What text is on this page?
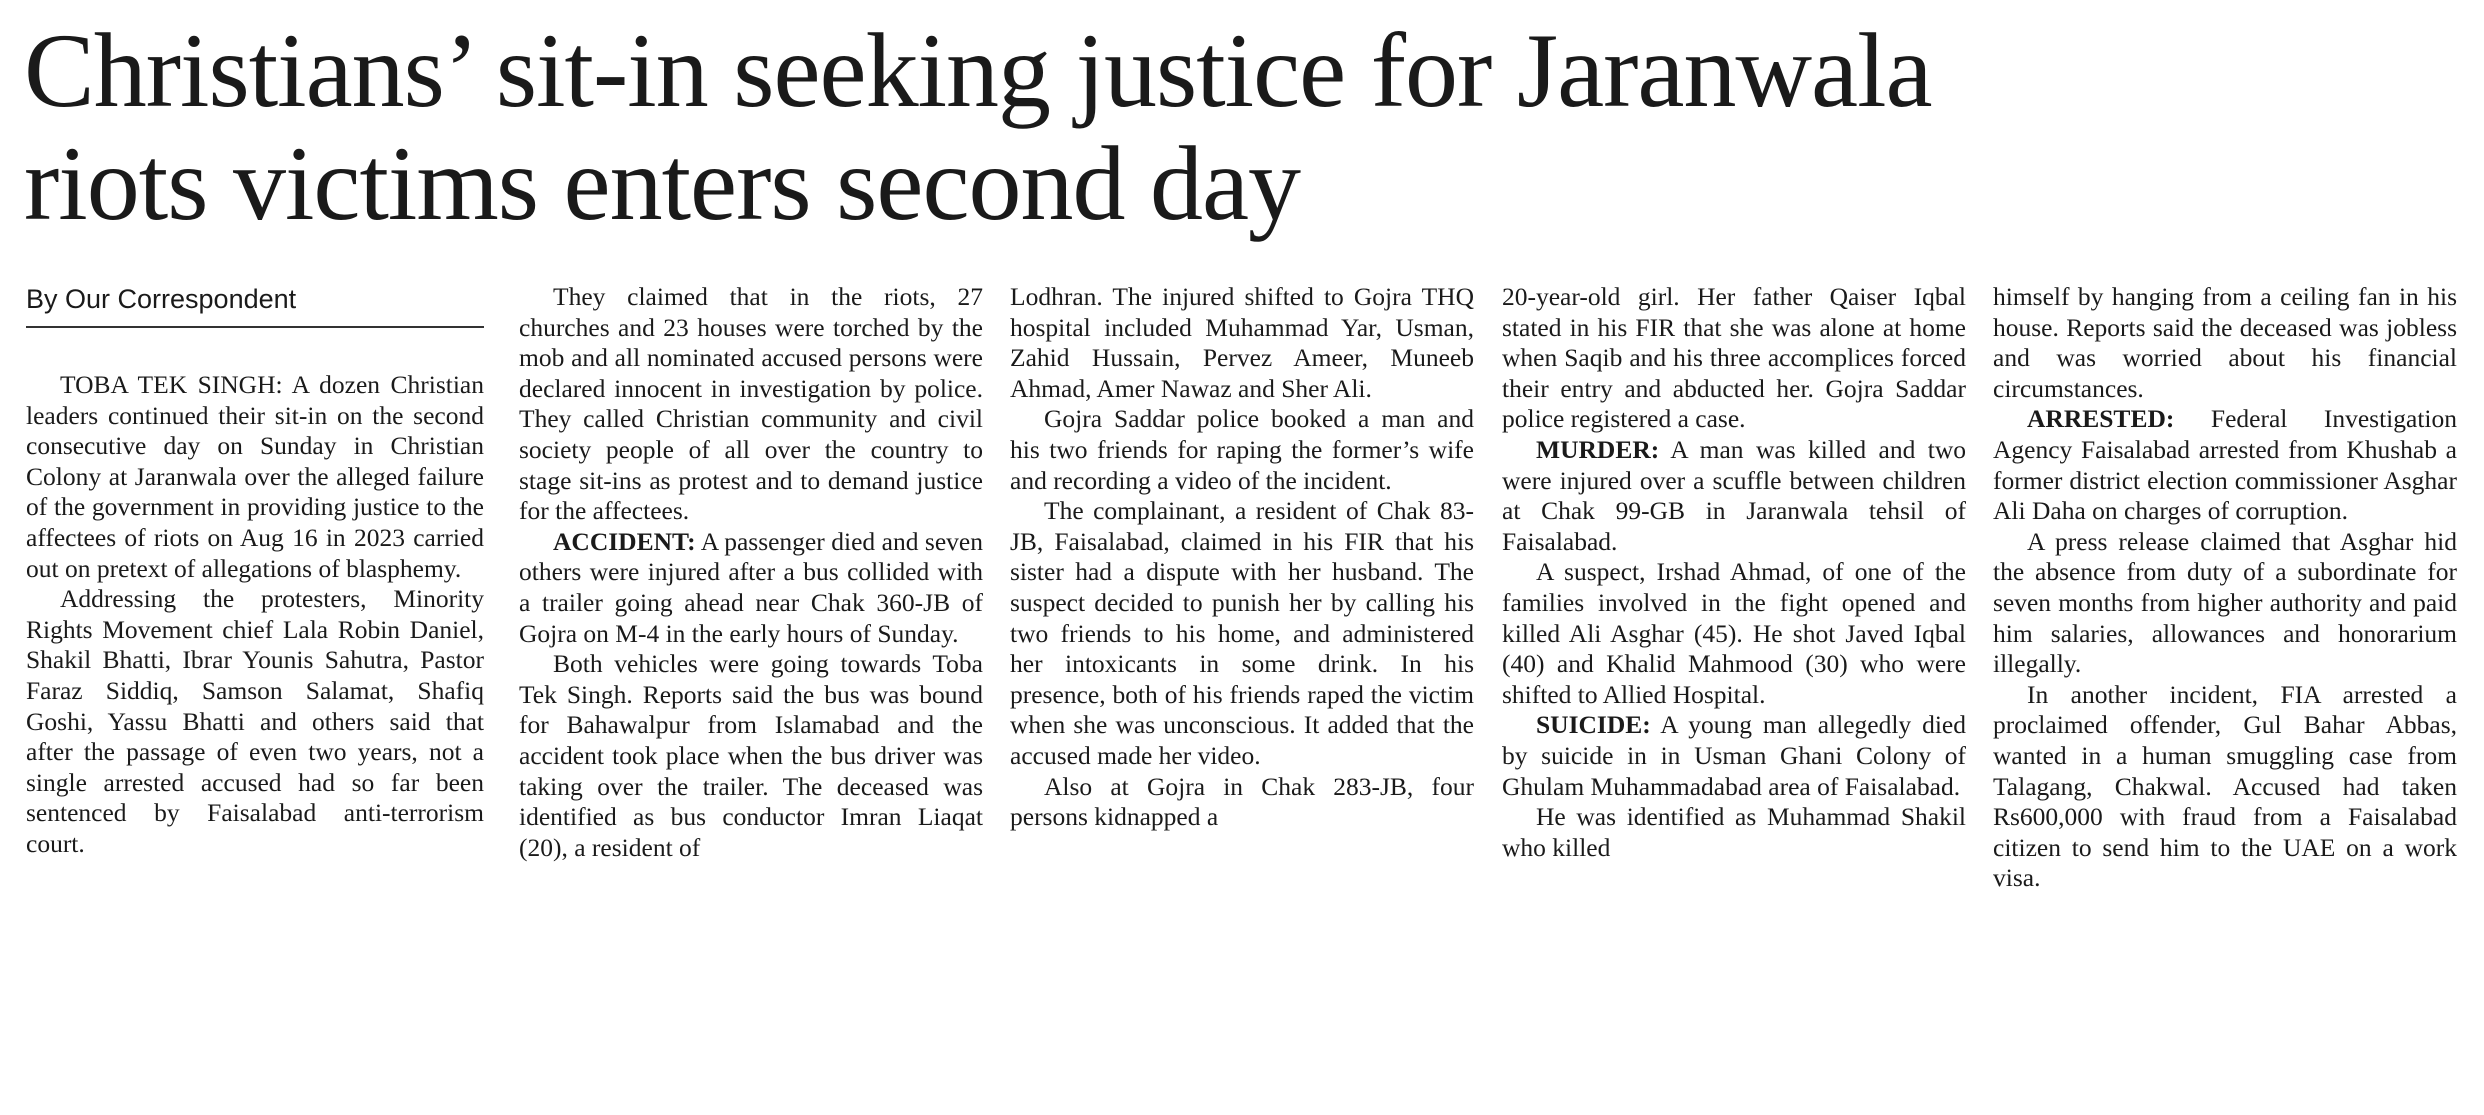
Christians’ sit-in seeking justice for Jaranwala
riots victims enters second day
By Our Correspondent

TOBA TEK SINGH: A dozen Christian leaders continued their sit-in on the second consecutive day on Sunday in Christian Colony at Jaranwala over the alleged failure of the government in providing justice to the affectees of riots on Aug 16 in 2023 carried out on pretext of allegations of blasphemy.

Addressing the protesters, Minority Rights Movement chief Lala Robin Daniel, Shakil Bhatti, Ibrar Younis Sahutra, Pastor Faraz Siddiq, Samson Salamat, Shafiq Goshi, Yassu Bhatti and others said that after the passage of even two years, not a single arrested accused had so far been sentenced by Faisalabad anti-terrorism court.

They claimed that in the riots, 27 churches and 23 houses were torched by the mob and all nominated accused persons were declared innocent in investigation by police. They called Christian community and civil society people of all over the country to stage sit-ins as protest and to demand justice for the affectees.

ACCIDENT: A passenger died and seven others were injured after a bus collided with a trailer going ahead near Chak 360-JB of Gojra on M-4 in the early hours of Sunday.

Both vehicles were going towards Toba Tek Singh. Reports said the bus was bound for Bahawalpur from Islamabad and the accident took place when the bus driver was taking over the trailer. The deceased was identified as bus conductor Imran Liaqat (20), a resident of

Lodhran. The injured shifted to Gojra THQ hospital included Muhammad Yar, Usman, Zahid Hussain, Pervez Ameer, Muneeb Ahmad, Amer Nawaz and Sher Ali.

Gojra Saddar police booked a man and his two friends for raping the former’s wife and recording a video of the incident.

The complainant, a resident of Chak 83-JB, Faisalabad, claimed in his FIR that his sister had a dispute with her husband. The suspect decided to punish her by calling his two friends to his home, and administered her intoxicants in some drink. In his presence, both of his friends raped the victim when she was unconscious. It added that the accused made her video.

Also at Gojra in Chak 283-JB, four persons kidnapped a

20-year-old girl. Her father Qaiser Iqbal stated in his FIR that she was alone at home when Saqib and his three accomplices forced their entry and abducted her. Gojra Saddar police registered a case.

MURDER: A man was killed and two were injured over a scuffle between children at Chak 99-GB in Jaranwala tehsil of Faisalabad.

A suspect, Irshad Ahmad, of one of the families involved in the fight opened and killed Ali Asghar (45). He shot Javed Iqbal (40) and Khalid Mahmood (30) who were shifted to Allied Hospital.

SUICIDE: A young man allegedly died by suicide in in Usman Ghani Colony of Ghulam Muhammadabad area of Faisalabad.

He was identified as Muhammad Shakil who killed

himself by hanging from a ceiling fan in his house. Reports said the deceased was jobless and was worried about his financial circumstances.

ARRESTED: Federal Investigation Agency Faisalabad arrested from Khushab a former district election commissioner Asghar Ali Daha on charges of corruption.

A press release claimed that Asghar hid the absence from duty of a subordinate for seven months from higher authority and paid him salaries, allowances and honorarium illegally.

In another incident, FIA arrested a proclaimed offender, Gul Bahar Abbas, wanted in a human smuggling case from Talagang, Chakwal. Accused had taken Rs600,000 with fraud from a Faisalabad citizen to send him to the UAE on a work visa.
